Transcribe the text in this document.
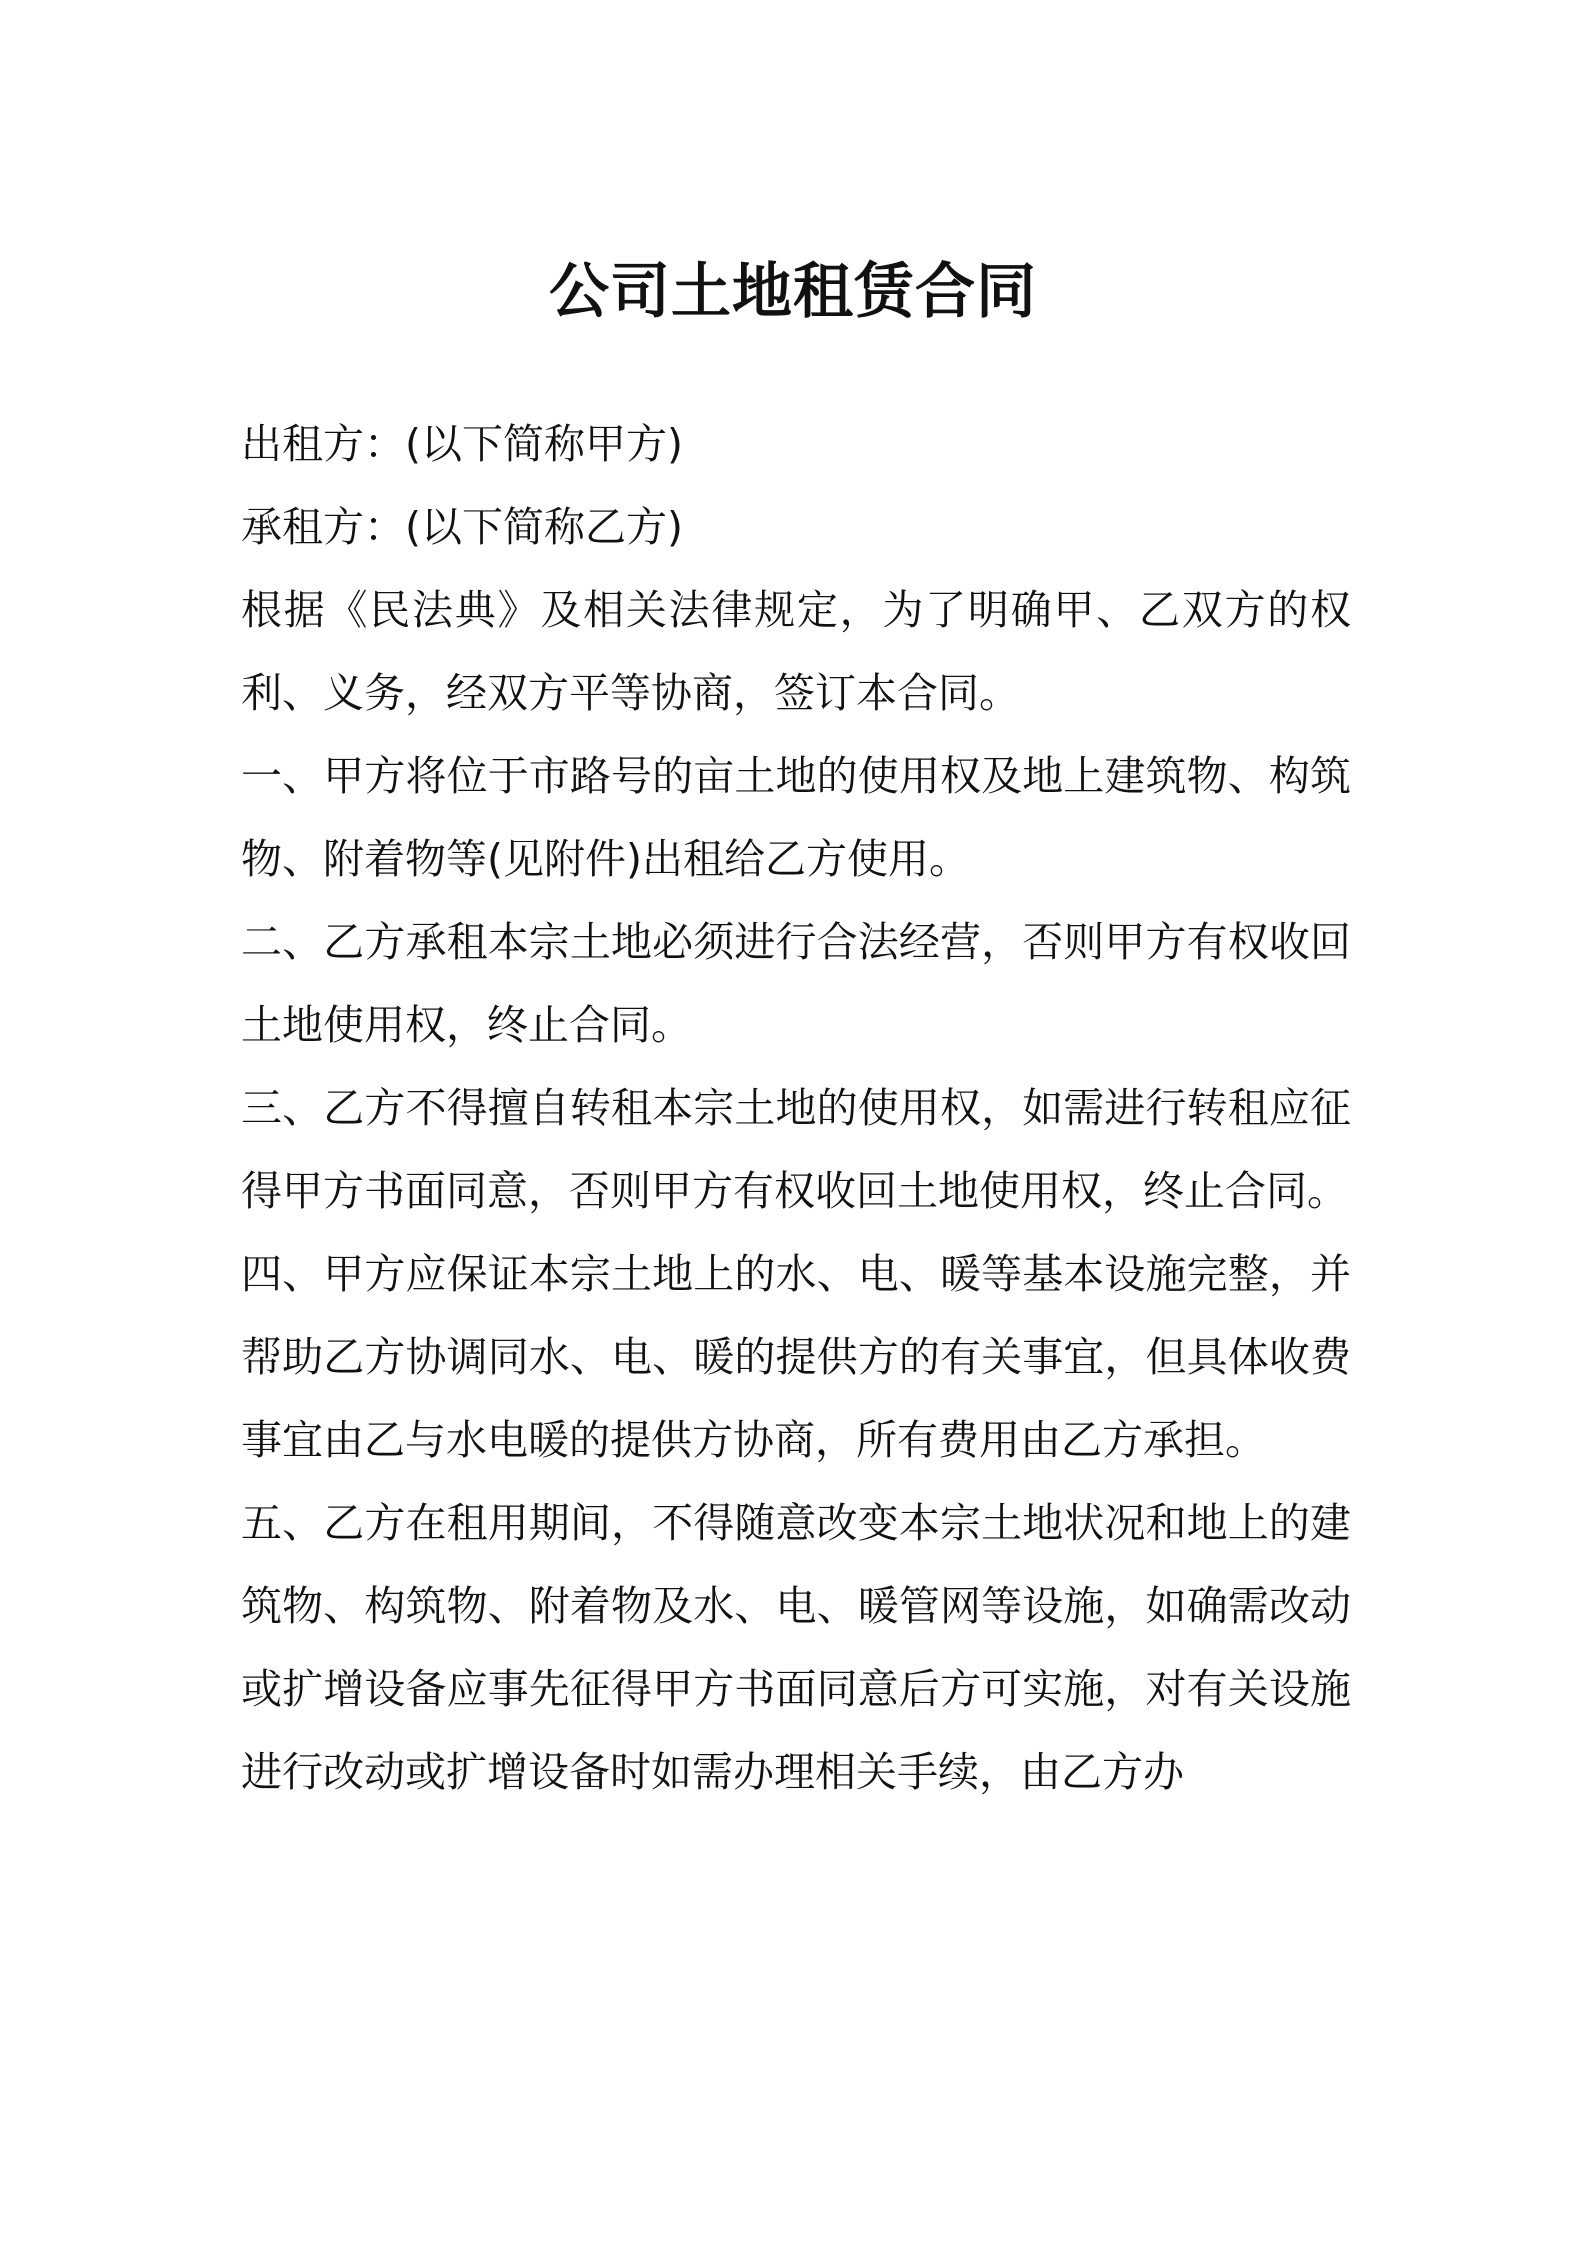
公司土地租赁合同

出租方：(以下简称甲方)

承租方：(以下简称乙方)

根据《民法典》及相关法律规定，为了明确甲、乙双方的权利、义务，经双方平等协商，签订本合同。

一、甲方将位于市路号的亩土地的使用权及地上建筑物、构筑物、附着物等(见附件)出租给乙方使用。

二、乙方承租本宗土地必须进行合法经营，否则甲方有权收回土地使用权，终止合同。

三、乙方不得擅自转租本宗土地的使用权，如需进行转租应征得甲方书面同意，否则甲方有权收回土地使用权，终止合同。

四、甲方应保证本宗土地上的水、电、暖等基本设施完整，并帮助乙方协调同水、电、暖的提供方的有关事宜，但具体收费事宜由乙与水电暖的提供方协商，所有费用由乙方承担。

五、乙方在租用期间，不得随意改变本宗土地状况和地上的建筑物、构筑物、附着物及水、电、暖管网等设施，如确需改动或扩增设备应事先征得甲方书面同意后方可实施，对有关设施进行改动或扩增设备时如需办理相关手续，由乙方办
